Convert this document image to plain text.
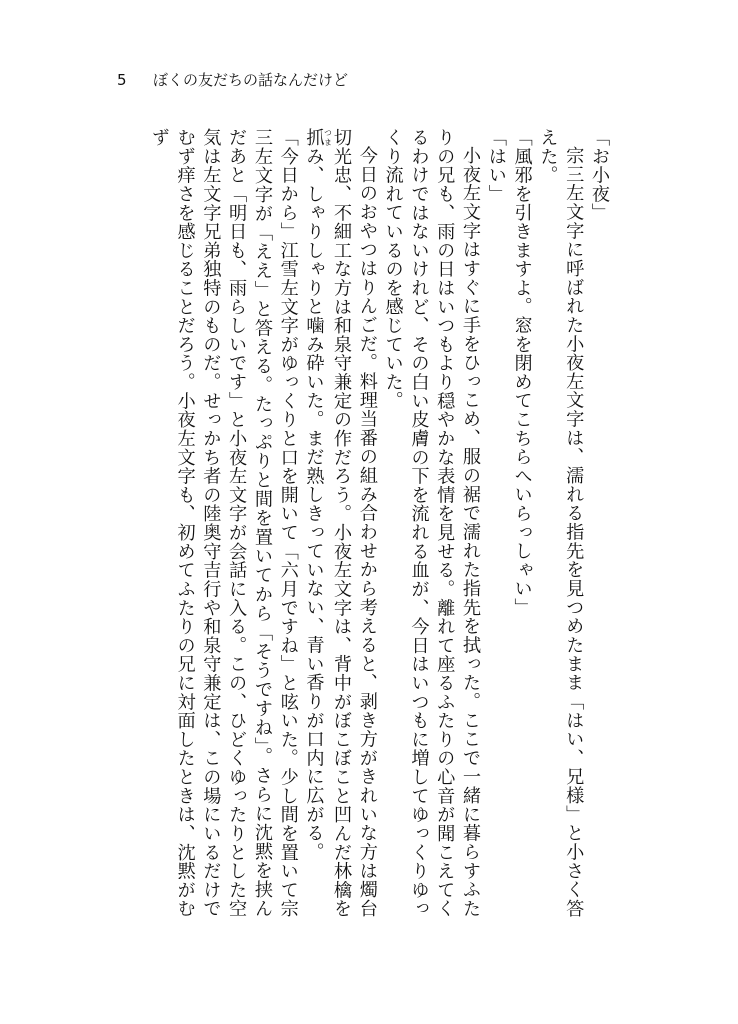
5 ぼくの友だちの話なんだけど

「お小夜」

宗三左文字に呼ばれた小夜左文字は、濡れる指先を見つめたまま「はい、兄様」と小さく答えた。

「風邪を引きますよ。窓を閉めてこちらへいらっしゃい」

「はい」

小夜左文字はすぐに手をひっこめ、服の裾で濡れた指先を拭った。ここで一緒に暮らすふたりの兄も、雨の日はいつもより穏やかな表情を見せる。離れて座るふたりの心音が聞こえてくるわけではないけれど、その白い皮膚の下を流れる血が、今日はいつもに増してゆっくりゆっくり流れているのを感じていた。

今日のおやつはりんごだ。料理当番の組み合わせから考えると、剥き方がきれいな方は燭台切光忠、不細工な方は和泉守兼定の作だろう。小夜左文字は、背中がぼこぼこと凹んだ林檎を抓 つまみ、しゃりしゃりと噛み砕いた。まだ熟しきっていない、青い香りが口内に広がる。

「今日から」江雪左文字がゆっくりと口を開いて「六月ですね」と呟いた。少し間を置いて宗三左文字が「ええ」と答える。たっぷりと間を置いてから「そうですね」。さらに沈黙を挟んだあと「明日も、雨らしいです」と小夜左文字が会話に入る。この、ひどくゆったりとした空気は左文字兄弟独特のものだ。せっかち者の陸奥守吉行や和泉守兼定は、この場にいるだけでむず痒さを感じることだろう。小夜左文字も、初めてふたりの兄に対面したときは、沈黙がむず
